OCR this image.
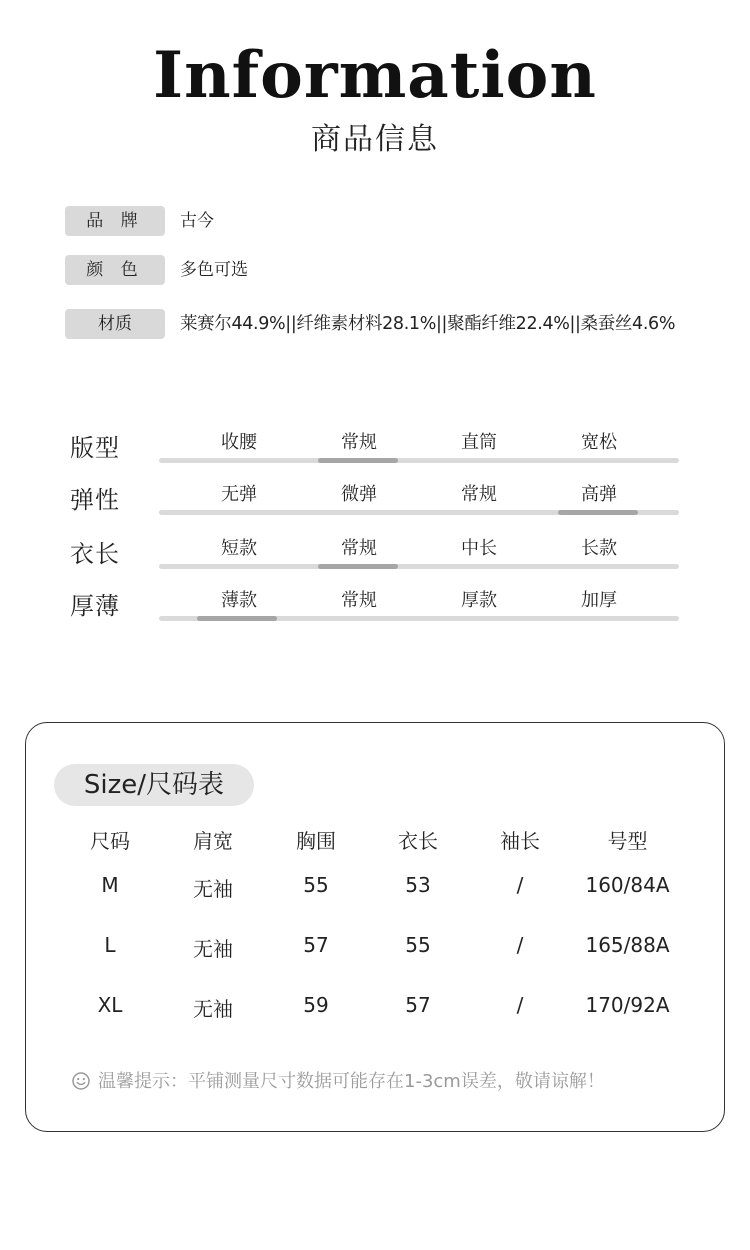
Information
商品信息
品 牌	古今
颜 色	多色可选
材质	莱赛尔44.9%||纤维素材料28.1%||聚酯纤维22.4%||桑蚕丝4.6%
版型	收腰	常规	直筒	宽松
弹性	无弹	微弹	常规	高弹
衣长	短款	常规	中长	长款
厚薄	薄款	常规	厚款	加厚
Size/尺码表
尺码	肩宽	胸围	衣长	袖长	号型
M	无袖	55	53	/	160/84A
L	无袖	57	55	/	165/88A
XL	无袖	59	57	/	170/92A
温馨提示：平铺测量尺寸数据可能存在1-3cm误差，敬请谅解！
